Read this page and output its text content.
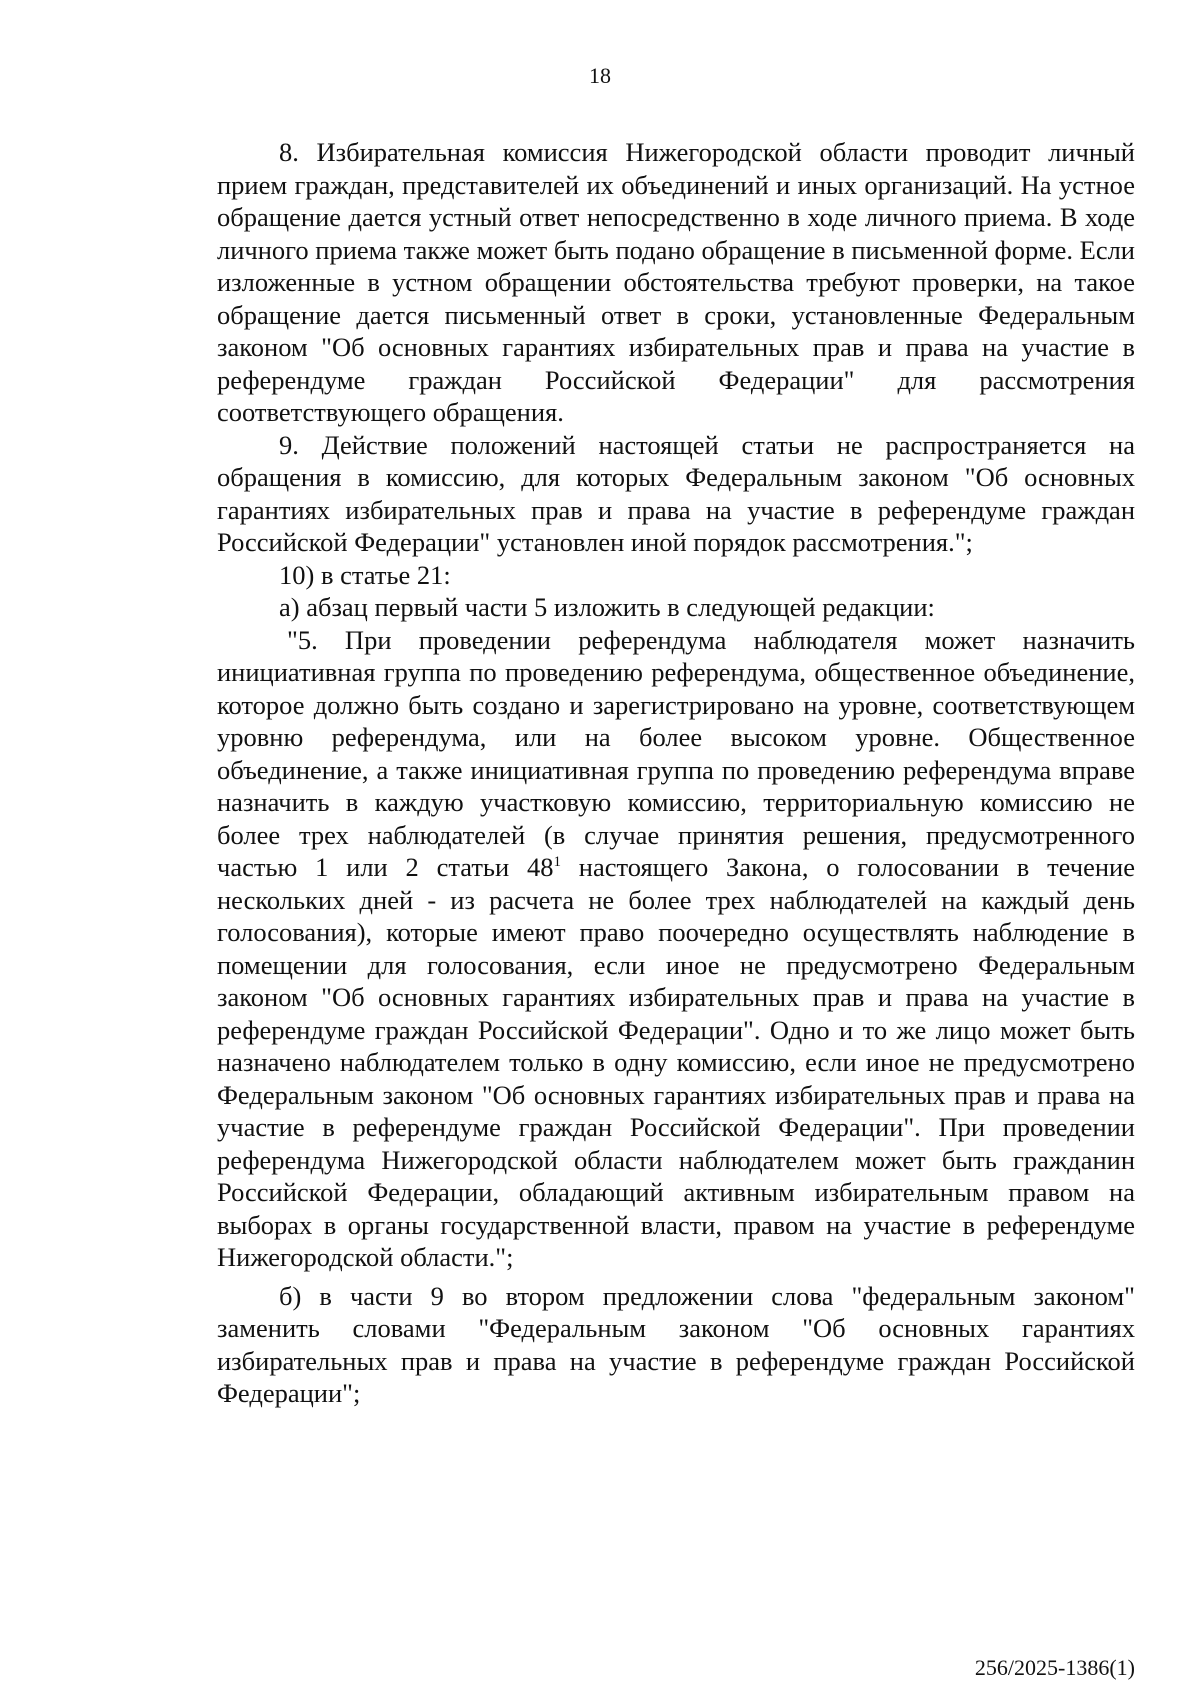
18

8. Избирательная комиссия Нижегородской области проводит личный прием граждан, представителей их объединений и иных организаций. На устное обращение дается устный ответ непосредственно в ходе личного приема. В ходе личного приема также может быть подано обращение в письменной форме. Если изложенные в устном обращении обстоятельства требуют проверки, на такое обращение дается письменный ответ в сроки, установленные Федеральным законом "Об основных гарантиях избирательных прав и права на участие в референдуме граждан Российской Федерации" для рассмотрения соответствующего обращения.

9. Действие положений настоящей статьи не распространяется на обращения в комиссию, для которых Федеральным законом "Об основных гарантиях избирательных прав и права на участие в референдуме граждан Российской Федерации" установлен иной порядок рассмотрения.";

10) в статье 21:

а) абзац первый части 5 изложить в следующей редакции:

"5. При проведении референдума наблюдателя может назначить инициативная группа по проведению референдума, общественное объединение, которое должно быть создано и зарегистрировано на уровне, соответствующем уровню референдума, или на более высоком уровне. Общественное объединение, а также инициативная группа по проведению референдума вправе назначить в каждую участковую комиссию, территориальную комиссию не более трех наблюдателей (в случае принятия решения, предусмотренного частью 1 или 2 статьи $48^1$ настоящего Закона, о голосовании в течение нескольких дней - из расчета не более трех наблюдателей на каждый день голосования), которые имеют право поочередно осуществлять наблюдение в помещении для голосования, если иное не предусмотрено Федеральным законом "Об основных гарантиях избирательных прав и права на участие в референдуме граждан Российской Федерации". Одно и то же лицо может быть назначено наблюдателем только в одну комиссию, если иное не предусмотрено Федеральным законом "Об основных гарантиях избирательных прав и права на участие в референдуме граждан Российской Федерации". При проведении референдума Нижегородской области наблюдателем может быть гражданин Российской Федерации, обладающий активным избирательным правом на выборах в органы государственной власти, правом на участие в референдуме Нижегородской области.";

б) в части 9 во втором предложении слова "федеральным законом" заменить словами "Федеральным законом "Об основных гарантиях избирательных прав и права на участие в референдуме граждан Российской Федерации";

256/2025-1386(1)
